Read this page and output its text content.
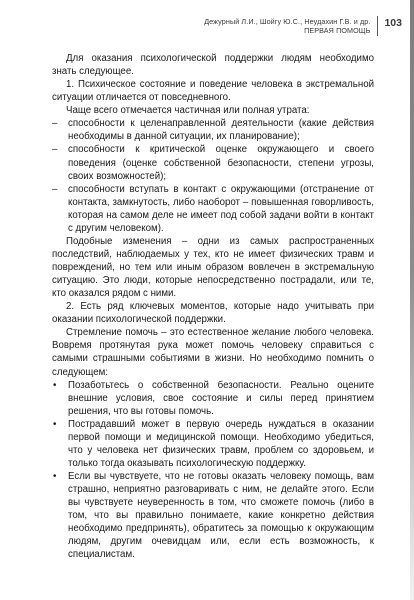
Дежурный Л.И., Шойгу Ю.С., Неудахин Г.В. и др.
ПЕРВАЯ ПОМОЩЬ
103

Для оказания психологической поддержки людям необходимо знать следующее.

1. Психическое состояние и поведение человека в экстремальной ситуации отличается от повседневного.

Чаще всего отмечается частичная или полная утрата:

– способности к целенаправленной деятельности (какие действия необходимы в данной ситуации, их планирование);
– способности к критической оценке окружающего и своего поведения (оценке собственной безопасности, степени угрозы, своих возможностей);
– способности вступать в контакт с окружающими (отстранение от контакта, замкнутость, либо наоборот – повышенная говорливость, которая на самом деле не имеет под собой задачи войти в контакт с другим человеком).

Подобные изменения – одни из самых распространенных последствий, наблюдаемых у тех, кто не имеет физических травм и повреждений, но тем или иным образом вовлечен в экстремальную ситуацию. Это люди, которые непосредственно пострадали, или те, кто оказался рядом с ними.

2. Есть ряд ключевых моментов, которые надо учитывать при оказании психологической поддержки.

Стремление помочь – это естественное желание любого человека. Вовремя протянутая рука может помочь человеку справиться с самыми страшными событиями в жизни. Но необходимо помнить о следующем:

• Позаботьтесь о собственной безопасности. Реально оцените внешние условия, свое состояние и силы перед принятием решения, что вы готовы помочь.
• Пострадавший может в первую очередь нуждаться в оказании первой помощи и медицинской помощи. Необходимо убедиться, что у человека нет физических травм, проблем со здоровьем, и только тогда оказывать психологическую поддержку.
• Если вы чувствуете, что не готовы оказать человеку помощь, вам страшно, неприятно разговаривать с ним, не делайте этого. Если вы чувствуете неуверенность в том, что сможете помочь (либо в том, что вы правильно понимаете, какие конкретно действия необходимо предпринять), обратитесь за помощью к окружающим людям, другим очевидцам или, если есть возможность, к специалистам.
